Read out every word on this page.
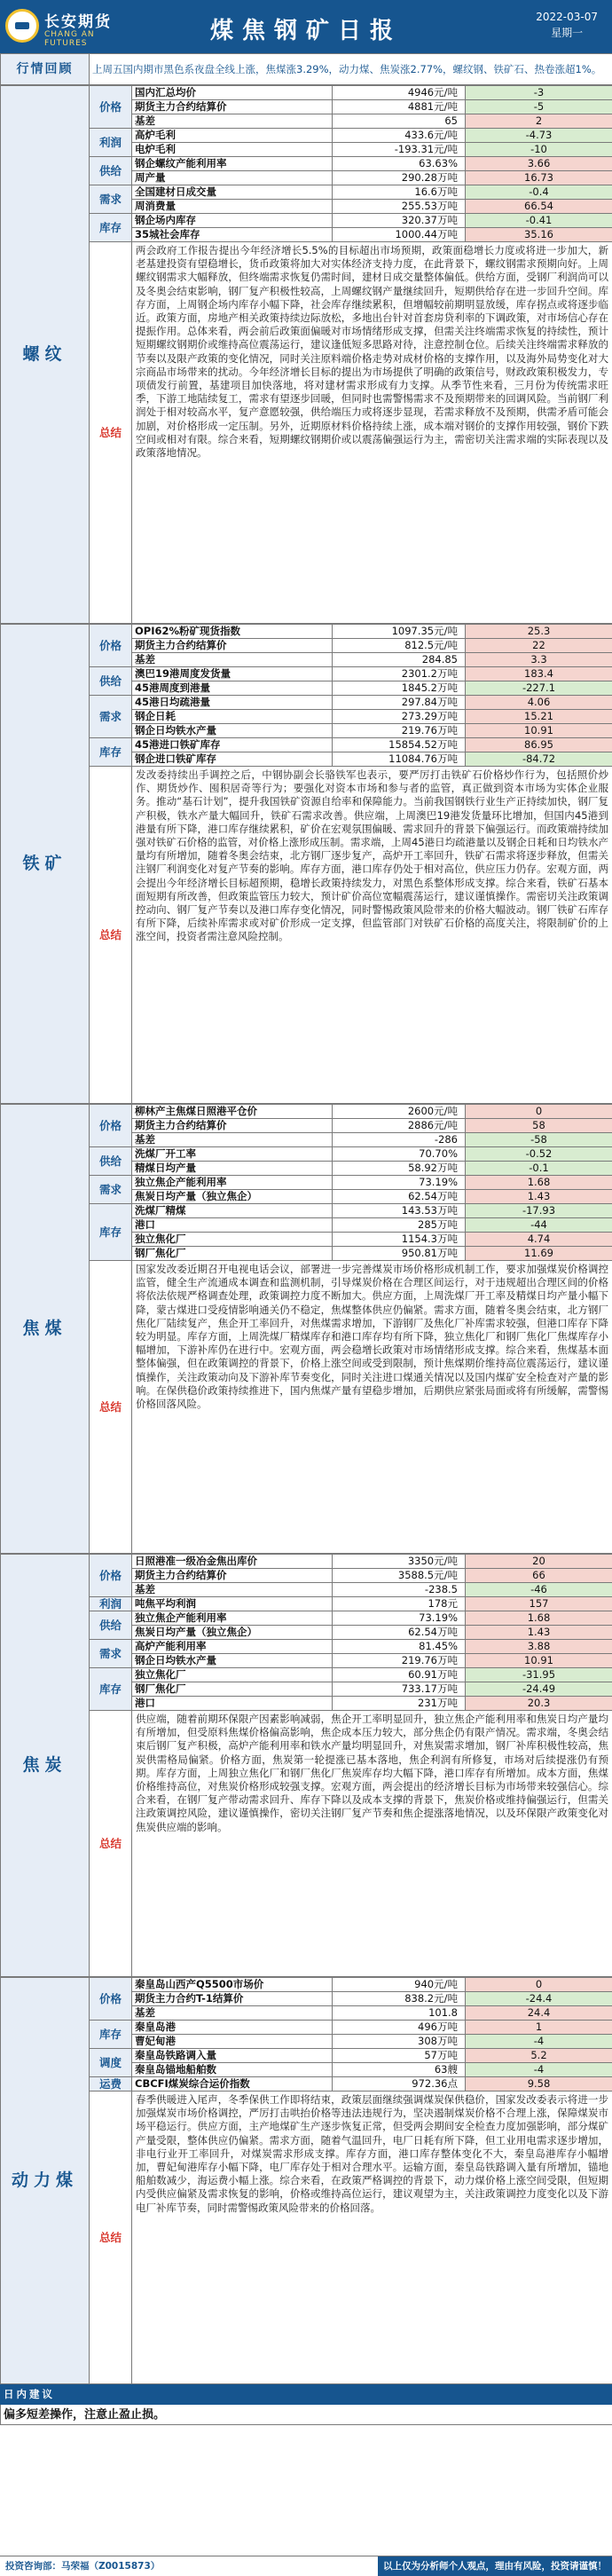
长安期货
CHANG AN FUTURES	煤焦钢矿日报
2022-03-07
星期一
行情回顾	上周五国内期市黑色系夜盘全线上涨，焦煤涨3.29%，动力煤、焦炭涨2.77%，螺纹钢、铁矿石、热卷涨超1%。
螺纹	价格	国内汇总均价	4946元/吨	-3
		期货主力合约结算价	4881元/吨	-5
		基差	65	2
	利润	高炉毛利	433.6元/吨	-4.73
		电炉毛利	-193.31元/吨	-10
	供给	钢企螺纹产能利用率	63.63%	3.66
		周产量	290.28万吨	16.73
	需求	全国建材日成交量	16.6万吨	-0.4
		周消费量	255.53万吨	66.54
	库存	钢企场内库存	320.37万吨	-0.41
		35城社会库存	1000.44万吨	35.16
	总结	两会政府工作报告提出今年经济增长5.5%的目标超出市场预期，政策面稳增长力度或将进一步加大，新老基建投资有望稳增长，货币政策将加大对实体经济支持力度，在此背景下，螺纹钢需求预期向好。上周螺纹钢需求大幅释放，但终端需求恢复仍需时间，建材日成交量整体偏低。供给方面，受钢厂利润尚可以及冬奥会结束影响，钢厂复产积极性较高，上周螺纹钢产量继续回升，短期供给存在进一步回升空间。库存方面，上周钢企场内库存小幅下降，社会库存继续累积，但增幅较前期明显放缓，库存拐点或将逐步临近。政策方面，房地产相关政策持续边际放松，多地出台针对首套房贷利率的下调政策，对市场信心存在提振作用。总体来看，两会前后政策面偏暖对市场情绪形成支撑，但需关注终端需求恢复的持续性，预计短期螺纹钢期价或维持高位震荡运行，建议逢低短多思路对待，注意控制仓位。后续关注终端需求释放的节奏以及限产政策的变化情况，同时关注原料端价格走势对成材价格的支撑作用，以及海外局势变化对大宗商品市场带来的扰动。今年经济增长目标的提出为市场提供了明确的政策信号，财政政策积极发力，专项债发行前置，基建项目加快落地，将对建材需求形成有力支撑。从季节性来看，三月份为传统需求旺季，下游工地陆续复工，需求有望逐步回暖，但同时也需警惕需求不及预期带来的回调风险。当前钢厂利润处于相对较高水平，复产意愿较强，供给端压力或将逐步显现，若需求释放不及预期，供需矛盾可能会加剧，对价格形成一定压制。另外，近期原材料价格持续上涨，成本端对钢价的支撑作用较强，钢价下跌空间或相对有限。综合来看，短期螺纹钢期价或以震荡偏强运行为主，需密切关注需求端的实际表现以及政策落地情况。		
铁矿	价格	OPI62%粉矿现货指数	1097.35元/吨	25.3
		期货主力合约结算价	812.5元/吨	22
		基差	284.85	3.3
	供给	澳巴19港周度发货量	2301.2万吨	183.4
		45港周度到港量	1845.2万吨	-227.1
	需求	45港日均疏港量	297.84万吨	4.06
		钢企日耗	273.29万吨	15.21
		钢企日均铁水产量	219.76万吨	10.91
	库存	45港进口铁矿库存	15854.52万吨	86.95
		钢企进口铁矿库存	11084.76万吨	-84.72
	总结	发改委持续出手调控之后，中钢协副会长骆铁军也表示，要严厉打击铁矿石价格炒作行为，包括照价炒作、期货炒作、囤积居奇等行为；要强化对资本市场和参与者的监管，真正做到资本市场为实体企业服务。推动“基石计划”，提升我国铁矿资源自给率和保障能力。当前我国钢铁行业生产正持续加快，钢厂复产积极，铁水产量大幅回升，铁矿石需求改善。供应端，上周澳巴19港发货量环比增加，但国内45港到港量有所下降，港口库存继续累积，矿价在宏观氛围偏暖、需求回升的背景下偏强运行。而政策端持续加强对铁矿石价格的监管，对价格上涨形成压制。需求端，上周45港日均疏港量以及钢企日耗和日均铁水产量均有所增加，随着冬奥会结束，北方钢厂逐步复产，高炉开工率回升，铁矿石需求将逐步释放，但需关注钢厂利润变化对复产节奏的影响。库存方面，港口库存仍处于相对高位，供应压力仍存。宏观方面，两会提出今年经济增长目标超预期，稳增长政策持续发力，对黑色系整体形成支撑。综合来看，铁矿石基本面短期有所改善，但政策监管压力较大，预计矿价高位宽幅震荡运行，建议谨慎操作。需密切关注政策调控动向、钢厂复产节奏以及港口库存变化情况，同时警惕政策风险带来的价格大幅波动。钢厂铁矿石库存有所下降，后续补库需求或对矿价形成一定支撑，但监管部门对铁矿石价格的高度关注，将限制矿价的上涨空间，投资者需注意风险控制。		
焦煤	价格	柳林产主焦煤日照港平仓价	2600元/吨	0
		期货主力合约结算价	2886元/吨	58
		基差	-286	-58
	供给	洗煤厂开工率	70.70%	-0.52
		精煤日均产量	58.92万吨	-0.1
	需求	独立焦企产能利用率	73.19%	1.68
		焦炭日均产量（独立焦企）	62.54万吨	1.43
	库存	洗煤厂精煤	143.53万吨	-17.93
		港口	285万吨	-44
		独立焦化厂	1154.3万吨	4.74
		钢厂焦化厂	950.81万吨	11.69
	总结	国家发改委近期召开电视电话会议，部署进一步完善煤炭市场价格形成机制工作，要求加强煤炭价格调控监管，健全生产流通成本调查和监测机制，引导煤炭价格在合理区间运行，对于违规超出合理区间的价格将依法依规严格调查处理，政策调控力度不断加大。供应方面，上周洗煤厂开工率及精煤日均产量小幅下降，蒙古煤进口受疫情影响通关仍不稳定，焦煤整体供应仍偏紧。需求方面，随着冬奥会结束，北方钢厂焦化厂陆续复产，焦企开工率回升，对焦煤需求增加，下游钢厂及焦化厂补库需求较强，但港口库存下降较为明显。库存方面，上周洗煤厂精煤库存和港口库存均有所下降，独立焦化厂和钢厂焦化厂焦煤库存小幅增加，下游补库仍在进行中。宏观方面，两会稳增长政策对市场情绪形成支撑。综合来看，焦煤基本面整体偏强，但在政策调控的背景下，价格上涨空间或受到限制，预计焦煤期价维持高位震荡运行，建议谨慎操作，关注政策动向及下游补库节奏变化，同时关注进口煤通关情况以及国内煤矿安全检查对产量的影响。在保供稳价政策持续推进下，国内焦煤产量有望稳步增加，后期供应紧张局面或将有所缓解，需警惕价格回落风险。		
焦炭	价格	日照港准一级冶金焦出库价	3350元/吨	20
		期货主力合约结算价	3588.5元/吨	66
		基差	-238.5	-46
	利润	吨焦平均利润	178元	157
	供给	独立焦企产能利用率	73.19%	1.68
		焦炭日均产量（独立焦企）	62.54万吨	1.43
	需求	高炉产能利用率	81.45%	3.88
		钢企日均铁水产量	219.76万吨	10.91
	库存	独立焦化厂	60.91万吨	-31.95
		钢厂焦化厂	733.17万吨	-24.49
		港口	231万吨	20.3
	总结	供应端，随着前期环保限产因素影响减弱，焦企开工率明显回升，独立焦企产能利用率和焦炭日均产量均有所增加，但受原料焦煤价格偏高影响，焦企成本压力较大，部分焦企仍有限产情况。需求端，冬奥会结束后钢厂复产积极，高炉产能利用率和铁水产量均明显回升，对焦炭需求增加，钢厂补库积极性较高，焦炭供需格局偏紧。价格方面，焦炭第一轮提涨已基本落地，焦企利润有所修复，市场对后续提涨仍有预期。库存方面，上周独立焦化厂和钢厂焦化厂焦炭库存均大幅下降，港口库存有所增加。成本方面，焦煤价格维持高位，对焦炭价格形成较强支撑。宏观方面，两会提出的经济增长目标为市场带来较强信心。综合来看，在钢厂复产带动需求回升、库存下降以及成本支撑的背景下，焦炭价格或维持偏强运行，但需关注政策调控风险，建议谨慎操作，密切关注钢厂复产节奏和焦企提涨落地情况，以及环保限产政策变化对焦炭供应端的影响。		
动力煤	价格	秦皇岛山西产Q5500市场价	940元/吨	0
		期货主力合约T-1结算价	838.2元/吨	-24.4
		基差	101.8	24.4
	库存	秦皇岛港	496万吨	1
		曹妃甸港	308万吨	-4
	调度	秦皇岛铁路调入量	57万吨	5.2
		秦皇岛锚地船舶数	63艘	-4
	运费	CBCFI煤炭综合运价指数	972.36点	9.58
	总结	春季供暖进入尾声，冬季保供工作即将结束，政策层面继续强调煤炭保供稳价，国家发改委表示将进一步加强煤炭市场价格调控，严厉打击哄抬价格等违法违规行为，坚决遏制煤炭价格不合理上涨，保障煤炭市场平稳运行。供应方面，主产地煤矿生产逐步恢复正常，但受两会期间安全检查力度加强影响，部分煤矿产量受限，整体供应仍偏紧。需求方面，随着气温回升，电厂日耗有所下降，但工业用电需求逐步增加，非电行业开工率回升，对煤炭需求形成支撑。库存方面，港口库存整体变化不大，秦皇岛港库存小幅增加，曹妃甸港库存小幅下降，电厂库存处于相对合理水平。运输方面，秦皇岛铁路调入量有所增加，锚地船舶数减少，海运费小幅上涨。综合来看，在政策严格调控的背景下，动力煤价格上涨空间受限，但短期内受供应偏紧及需求恢复的影响，价格或维持高位运行，建议观望为主，关注政策调控力度变化以及下游电厂补库节奏，同时需警惕政策风险带来的价格回落。		
日内建议
偏多短差操作，注意止盈止损。
投资咨询部：马荣福（Z0015873）	以上仅为分析师个人观点，理由有风险，投资请谨慎！
